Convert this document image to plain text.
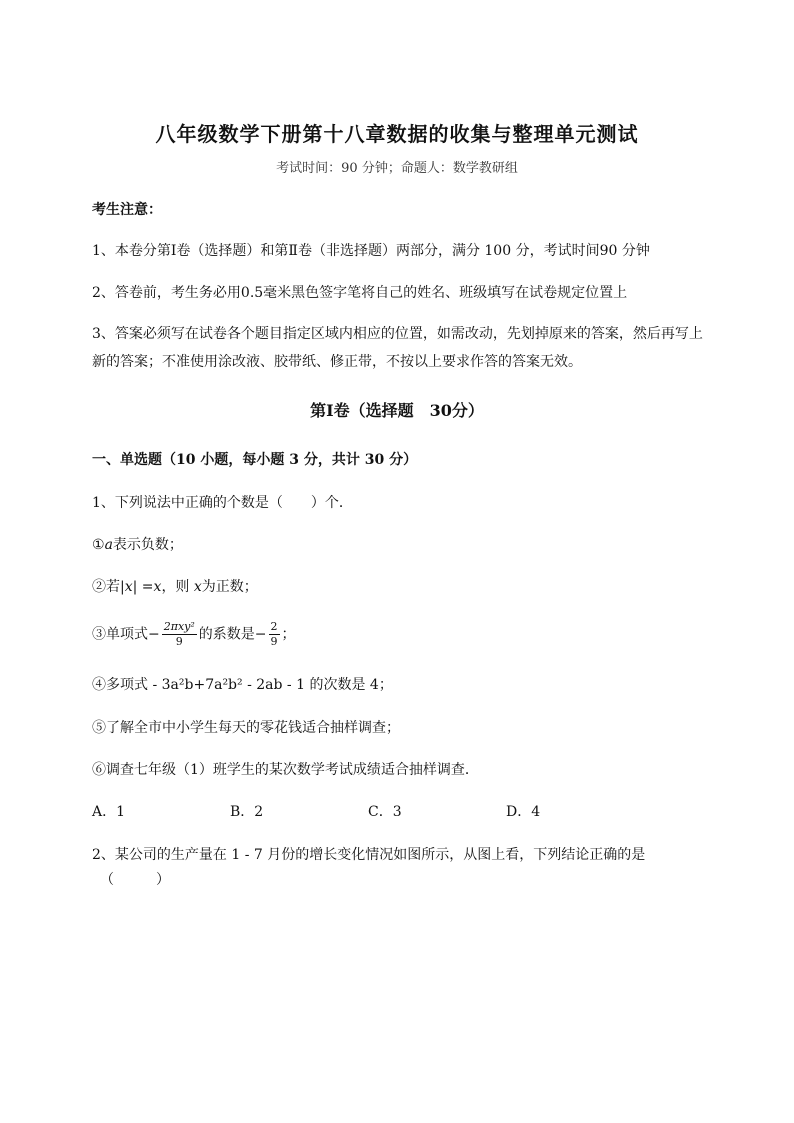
八年级数学下册第十八章数据的收集与整理单元测试
考试时间：90 分钟；命题人：数学教研组
考生注意：
1、本卷分第Ⅰ卷（选择题）和第Ⅱ卷（非选择题）两部分，满分 100 分，考试时间90 分钟
2、答卷前，考生务必用0.5毫米黑色签字笔将自己的姓名、班级填写在试卷规定位置上
3、答案必须写在试卷各个题目指定区域内相应的位置，如需改动，先划掉原来的答案，然后再写上新的答案；不准使用涂改液、胶带纸、修正带，不按以上要求作答的答案无效。
第Ⅰ卷（选择题　30分）
一、单选题（10 小题，每小题 3 分，共计 30 分）
1、下列说法中正确的个数是（　　）个．
①a表示负数；
②若|x| =x，则 x为正数；
③单项式− $\frac{\text{2πxy²}}{9}$ 的系数是− $\frac{2}{9}$ ；
④多项式 - 3a²b+7a²b² - 2ab - 1 的次数是 4；
⑤了解全市中小学生每天的零花钱适合抽样调查；
⑥调查七年级（1）班学生的某次数学考试成绩适合抽样调查．
A．1	B．2	C．3	D．4
2、某公司的生产量在 1 - 7 月份的增长变化情况如图所示，从图上看，下列结论正确的是
（　　　）
